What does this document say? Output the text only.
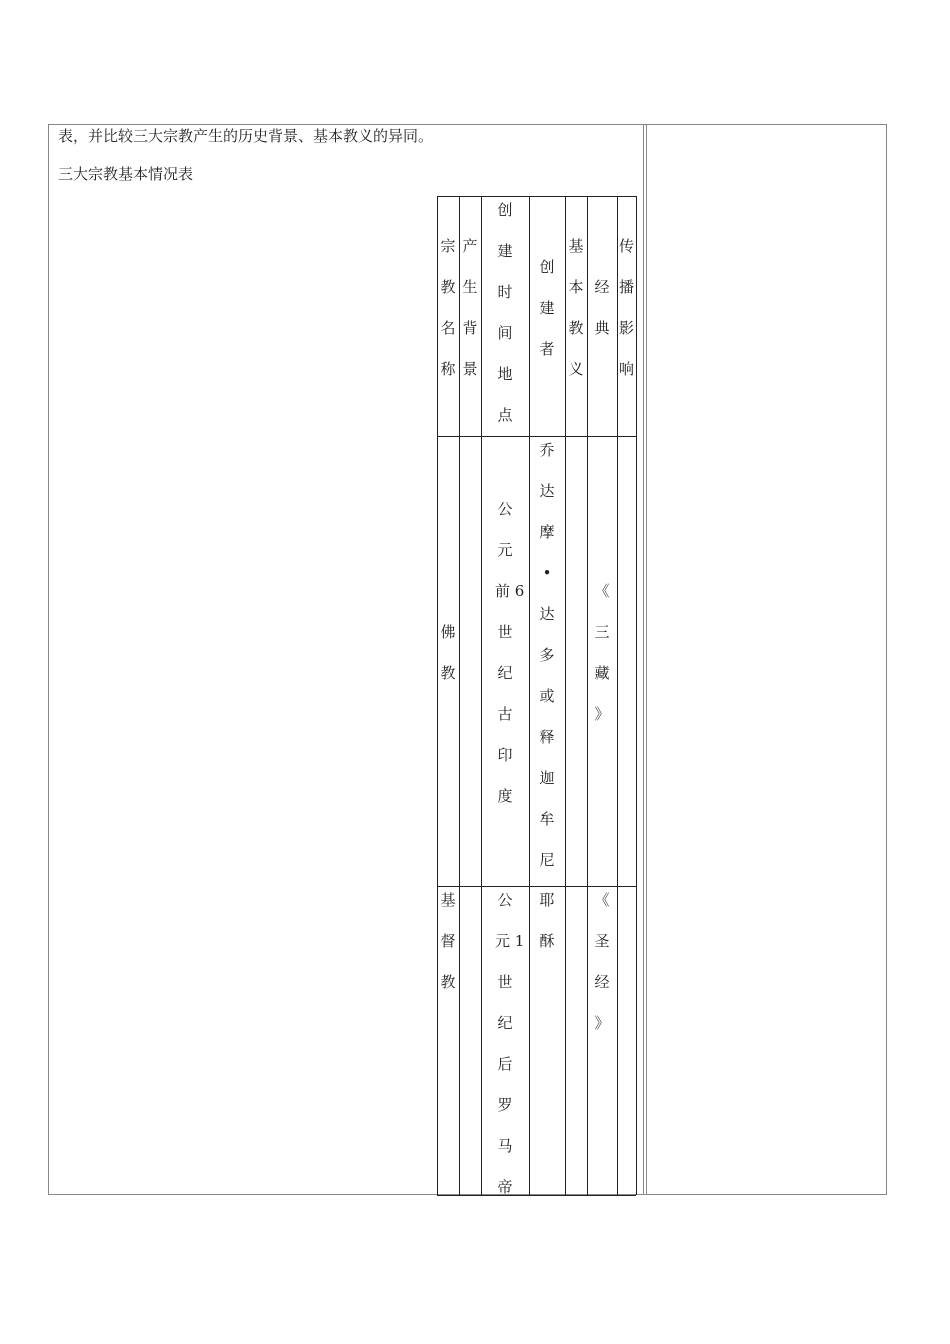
表，并比较三大宗教产生的历史背景、基本教义的异同。
三大宗教基本情况表
宗
教
名
称
产
生
背
景
创
建
时
间
地
点
创
建
者
基
本
教
义
经
典
传
播
影
响
佛
教
公
元
前 6
世
纪
古
印
度
乔
达
摩
•
达
多
或
释
迦
牟
尼
《
三
藏
》
基
督
教
公
元 1
世
纪
后
罗
马
帝
耶
酥
《
圣
经
》
